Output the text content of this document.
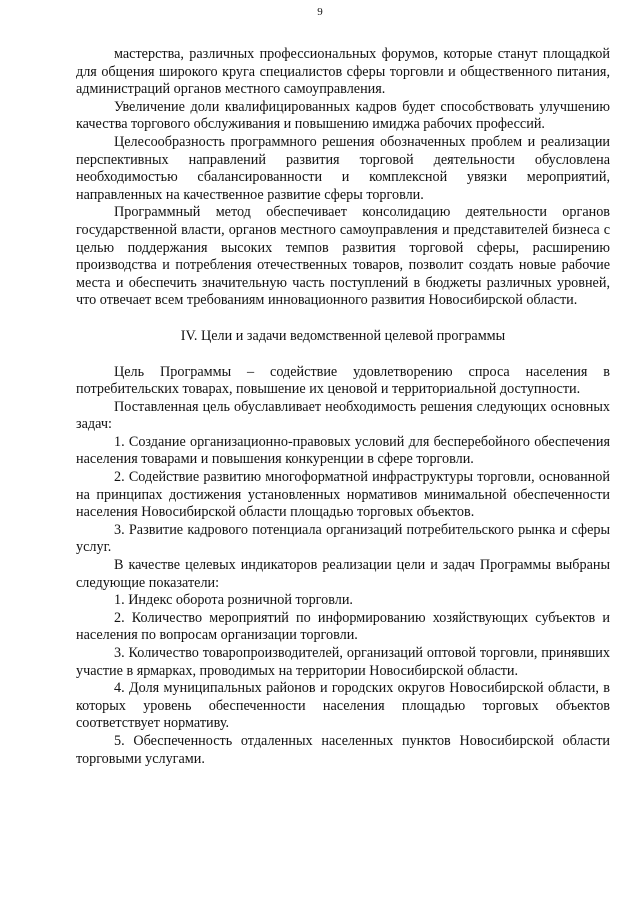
9

мастерства, различных профессиональных форумов, которые станут площадкой для общения широкого круга специалистов сферы торговли и общественного питания, администраций органов местного самоуправления.

Увеличение доли квалифицированных кадров будет способствовать улучшению качества торгового обслуживания и повышению имиджа рабочих профессий.

Целесообразность программного решения обозначенных проблем и реализации перспективных направлений развития торговой деятельности обусловлена необходимостью сбалансированности и комплексной увязки мероприятий, направленных на качественное развитие сферы торговли.

Программный метод обеспечивает консолидацию деятельности органов государственной власти, органов местного самоуправления и представителей бизнеса с целью поддержания высоких темпов развития торговой сферы, расширению производства и потребления отечественных товаров, позволит создать новые рабочие места и обеспечить значительную часть поступлений в бюджеты различных уровней, что отвечает всем требованиям инновационного развития Новосибирской области.

IV. Цели и задачи ведомственной целевой программы

Цель Программы – содействие удовлетворению спроса населения в потребительских товарах, повышение их ценовой и территориальной доступности.

Поставленная цель обуславливает необходимость решения следующих основных задач:

1. Создание организационно-правовых условий для бесперебойного обеспечения населения товарами и повышения конкуренции в сфере торговли.

2. Содействие развитию многоформатной инфраструктуры торговли, основанной на принципах достижения установленных нормативов минимальной обеспеченности населения Новосибирской области площадью торговых объектов.

3. Развитие кадрового потенциала организаций потребительского рынка и сферы услуг.

В качестве целевых индикаторов реализации цели и задач Программы выбраны следующие показатели:

1. Индекс оборота розничной торговли.

2. Количество мероприятий по информированию хозяйствующих субъектов и населения по вопросам организации торговли.

3. Количество товаропроизводителей, организаций оптовой торговли, принявших участие в ярмарках, проводимых на территории Новосибирской области.

4. Доля муниципальных районов и городских округов Новосибирской области, в которых уровень обеспеченности населения площадью торговых объектов соответствует нормативу.

5. Обеспеченность отдаленных населенных пунктов Новосибирской области торговыми услугами.
